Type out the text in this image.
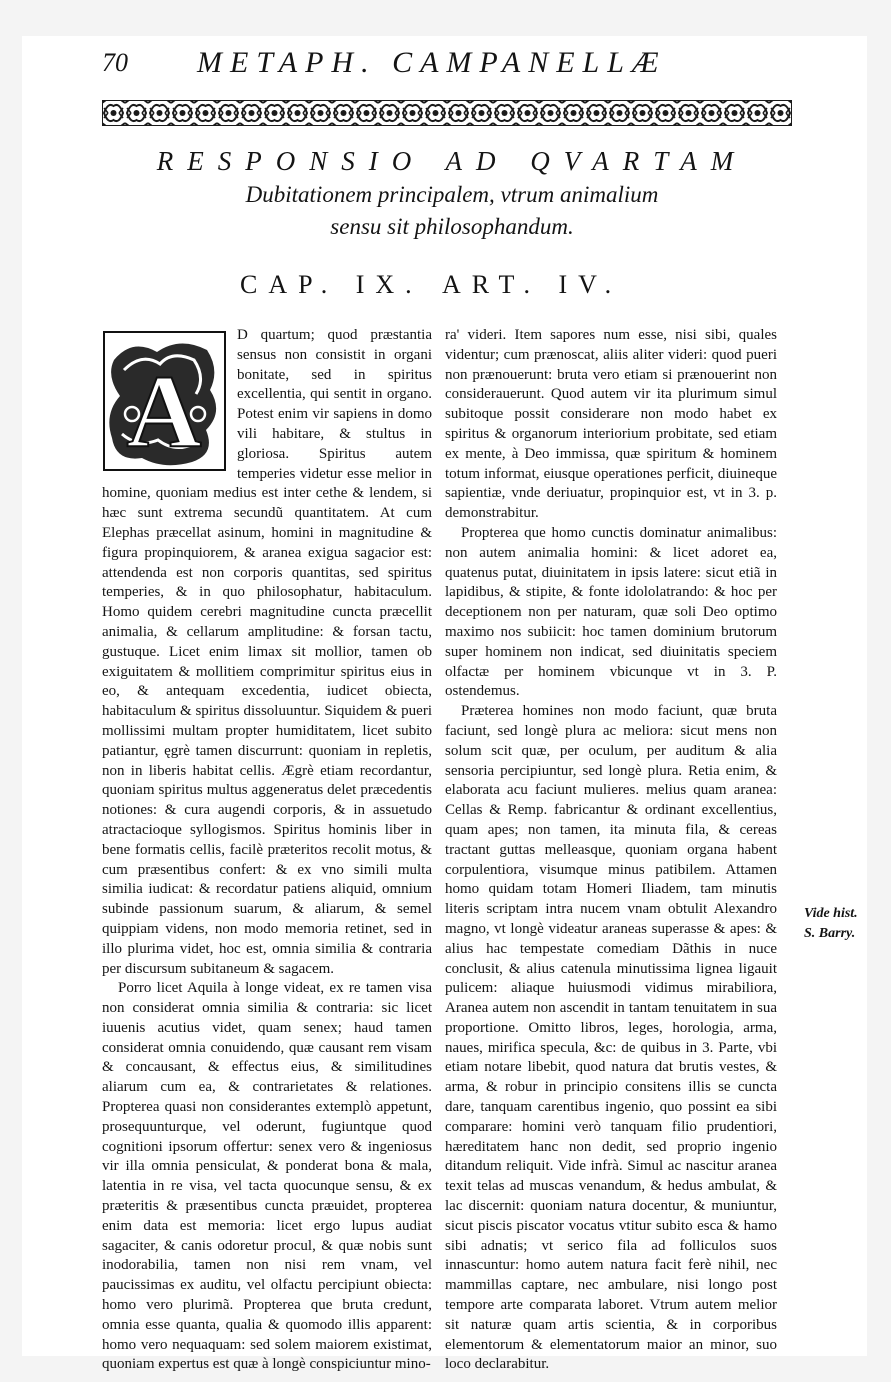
70 METAPH. CAMPANELLÆ
RESPONSIO AD QVARTAM
Dubitationem principalem, vtrum animalium
sensu sit philosophandum.
CAP. IX. ART. IV.
A

D quartum; quod præstantia sensus non consistit in organi bonitate, sed in spiritus excellentia, qui sentit in organo. Potest enim vir sapiens in domo vili habitare, & stultus in gloriosa. Spiritus autem temperies videtur esse melior in homine, quoniam medius est inter cethe & lendem, si hæc sunt extrema secundũ quantitatem. At cum Elephas præcellat asinum, homini in magnitudine & figura propinquiorem, & aranea exigua sagacior est: attendenda est non corporis quantitas, sed spiritus temperies, & in quo philosophatur, habitaculum. Homo quidem cerebri magnitudine cuncta præcellit animalia, & cellarum amplitudine: & forsan tactu, gustuque. Licet enim limax sit mollior, tamen ob exiguitatem & mollitiem comprimitur spiritus eius in eo, & antequam excedentia, iudicet obiecta, habitaculum & spiritus dissoluuntur. Siquidem & pueri mollissimi multam propter humiditatem, licet subito patiantur, ęgrè tamen discurrunt: quoniam in repletis, non in liberis habitat cellis. Ægrè etiam recordantur, quoniam spiritus multus aggeneratus delet præcedentis notiones: & cura augendi corporis, & in assuetudo atractacioque syllogismos. Spiritus hominis liber in bene formatis cellis, facilè præteritos recolit motus, & cum præsentibus confert: & ex vno simili multa similia iudicat: & recordatur patiens aliquid, omnium subinde passionum suarum, & aliarum, & semel quippiam videns, non modo memoria retinet, sed in illo plurima videt, hoc est, omnia similia & contraria per discursum subitaneum & sagacem.

Porro licet Aquila à longe videat, ex re tamen visa non considerat omnia similia & contraria: sic licet iuuenis acutius videt, quam senex; haud tamen considerat omnia conuidendo, quæ causant rem visam & concausant, & effectus eius, & similitudines aliarum cum ea, & contrarietates & relationes. Propterea quasi non considerantes extemplò appetunt, prosequunturque, vel oderunt, fugiuntque quod cognitioni ipsorum offertur: senex vero & ingeniosus vir illa omnia pensiculat, & ponderat bona & mala, latentia in re visa, vel tacta quocunque sensu, & ex præteritis & præsentibus cuncta præuidet, propterea enim data est memoria: licet ergo lupus audiat sagaciter, & canis odoretur procul, & quæ nobis sunt inodorabilia, tamen non nisi rem vnam, vel paucissimas ex auditu, vel olfactu percipiunt obiecta: homo vero plurimã. Propterea que bruta credunt, omnia esse quanta, qualia & quomodo illis apparent: homo vero nequaquam: sed solem maiorem existimat, quoniam expertus est quæ à longè conspiciuntur mino-

ra' videri. Item sapores num esse, nisi sibi, quales videntur; cum prænoscat, aliis aliter videri: quod pueri non prænouerunt: bruta vero etiam si prænouerint non considerauerunt. Quod autem vir ita plurimum simul subitoque possit considerare non modo habet ex spiritus & organorum interiorium probitate, sed etiam ex mente, à Deo immissa, quæ spiritum & hominem totum informat, eiusque operationes perficit, diuineque sapientiæ, vnde deriuatur, propinquior est, vt in 3. p. demonstrabitur.

Propterea que homo cunctis dominatur animalibus: non autem animalia homini: & licet adoret ea, quatenus putat, diuinitatem in ipsis latere: sicut etiã in lapidibus, & stipite, & fonte idololatrando: & hoc per deceptionem non per naturam, quæ soli Deo optimo maximo nos subiicit: hoc tamen dominium brutorum super hominem non indicat, sed diuinitatis speciem olfactæ per hominem vbicunque vt in 3. P. ostendemus.

Præterea homines non modo faciunt, quæ bruta faciunt, sed longè plura ac meliora: sicut mens non solum scit quæ, per oculum, per auditum & alia sensoria percipiuntur, sed longè plura. Retia enim, & elaborata acu faciunt mulieres. melius quam aranea: Cellas & Remp. fabricantur & ordinant excellentius, quam apes; non tamen, ita minuta fila, & cereas tractant guttas melleasque, quoniam organa habent corpulentiora, visumque minus patibilem. Attamen homo quidam totam Homeri Iliadem, tam minutis literis scriptam intra nucem vnam obtulit Alexandro magno, vt longè videatur araneas superasse & apes: & alius hac tempestate comediam Dãthis in nuce conclusit, & alius catenula minutissima lignea ligauit pulicem: aliaque huiusmodi vidimus mirabiliora, Aranea autem non ascendit in tantam tenuitatem in sua proportione. Omitto libros, leges, horologia, arma, naues, mirifica specula, &c: de quibus in 3. Parte, vbi etiam notare libebit, quod natura dat brutis vestes, & arma, & robur in principio consitens illis se cuncta dare, tanquam carentibus ingenio, quo possint ea sibi comparare: homini verò tanquam filio prudentiori, hæreditatem hanc non dedit, sed proprio ingenio ditandum reliquit. Vide infrà. Simul ac nascitur aranea texit telas ad muscas venandum, & hedus ambulat, & lac discernit: quoniam natura docentur, & muniuntur, sicut piscis piscator vocatus vtitur subito esca & hamo sibi adnatis; vt serico fila ad folliculos suos innascuntur: homo autem natura facit ferè nihil, nec mammillas captare, nec ambulare, nisi longo post tempore arte comparata laboret. Vtrum autem melior sit naturæ quam artis scientia, & in corporibus elementorum & elementatorum maior an minor, suo loco declarabitur.

Vide hist.
S. Barry.
